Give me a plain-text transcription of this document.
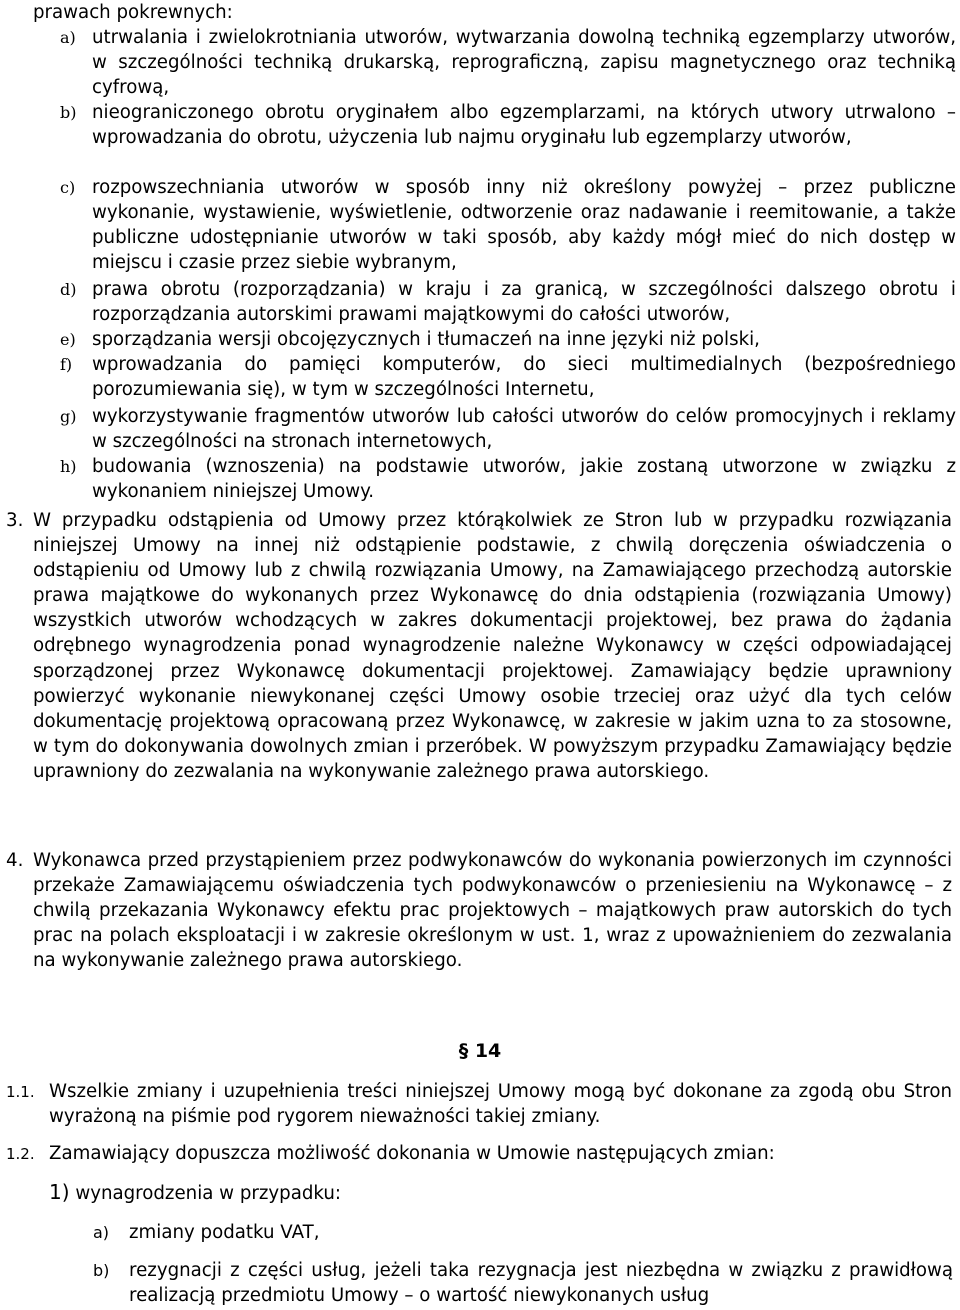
prawach pokrewnych:
a) utrwalania i zwielokrotniania utworów, wytwarzania dowolną techniką egzemplarzy utworów, w szczególności techniką drukarską, reprograficzną, zapisu magnetycznego oraz techniką cyfrową,
b) nieograniczonego obrotu oryginałem albo egzemplarzami, na których utwory utrwalono – wprowadzania do obrotu, użyczenia lub najmu oryginału lub egzemplarzy utworów,
c) rozpowszechniania utworów w sposób inny niż określony powyżej – przez publiczne wykonanie, wystawienie, wyświetlenie, odtworzenie oraz nadawanie i reemitowanie, a także publiczne udostępnianie utworów w taki sposób, aby każdy mógł mieć do nich dostęp w miejscu i czasie przez siebie wybranym,
d) prawa obrotu (rozporządzania) w kraju i za granicą, w szczególności dalszego obrotu i rozporządzania autorskimi prawami majątkowymi do całości utworów,
e) sporządzania wersji obcojęzycznych i tłumaczeń na inne języki niż polski,
f) wprowadzania do pamięci komputerów, do sieci multimedialnych (bezpośredniego porozumiewania się), w tym w szczególności Internetu,
g) wykorzystywanie fragmentów utworów lub całości utworów do celów promocyjnych i reklamy w szczególności na stronach internetowych,
h) budowania (wznoszenia) na podstawie utworów, jakie zostaną utworzone w związku z wykonaniem niniejszej Umowy.
3. W przypadku odstąpienia od Umowy przez którąkolwiek ze Stron lub w przypadku rozwiązania niniejszej Umowy na innej niż odstąpienie podstawie, z chwilą doręczenia oświadczenia o odstąpieniu od Umowy lub z chwilą rozwiązania Umowy, na Zamawiającego przechodzą autorskie prawa majątkowe do wykonanych przez Wykonawcę do dnia odstąpienia (rozwiązania Umowy) wszystkich utworów wchodzących w zakres dokumentacji projektowej, bez prawa do żądania odrębnego wynagrodzenia ponad wynagrodzenie należne Wykonawcy w części odpowiadającej sporządzonej przez Wykonawcę dokumentacji projektowej. Zamawiający będzie uprawniony powierzyć wykonanie niewykonanej części Umowy osobie trzeciej oraz użyć dla tych celów dokumentację projektową opracowaną przez Wykonawcę, w zakresie w jakim uzna to za stosowne, w tym do dokonywania dowolnych zmian i przeróbek. W powyższym przypadku Zamawiający będzie uprawniony do zezwalania na wykonywanie zależnego prawa autorskiego.
4. Wykonawca przed przystąpieniem przez podwykonawców do wykonania powierzonych im czynności przekaże Zamawiającemu oświadczenia tych podwykonawców o przeniesieniu na Wykonawcę – z chwilą przekazania Wykonawcy efektu prac projektowych – majątkowych praw autorskich do tych prac na polach eksploatacji i w zakresie określonym w ust. 1, wraz z upoważnieniem do zezwalania na wykonywanie zależnego prawa autorskiego.
§ 14
1.1. Wszelkie zmiany i uzupełnienia treści niniejszej Umowy mogą być dokonane za zgodą obu Stron wyrażoną na piśmie pod rygorem nieważności takiej zmiany.
1.2. Zamawiający dopuszcza możliwość dokonania w Umowie następujących zmian:
1) wynagrodzenia w przypadku:
a) zmiany podatku VAT,
b) rezygnacji z części usług, jeżeli taka rezygnacja jest niezbędna w związku z prawidłową realizacją przedmiotu Umowy – o wartość niewykonanych usług
